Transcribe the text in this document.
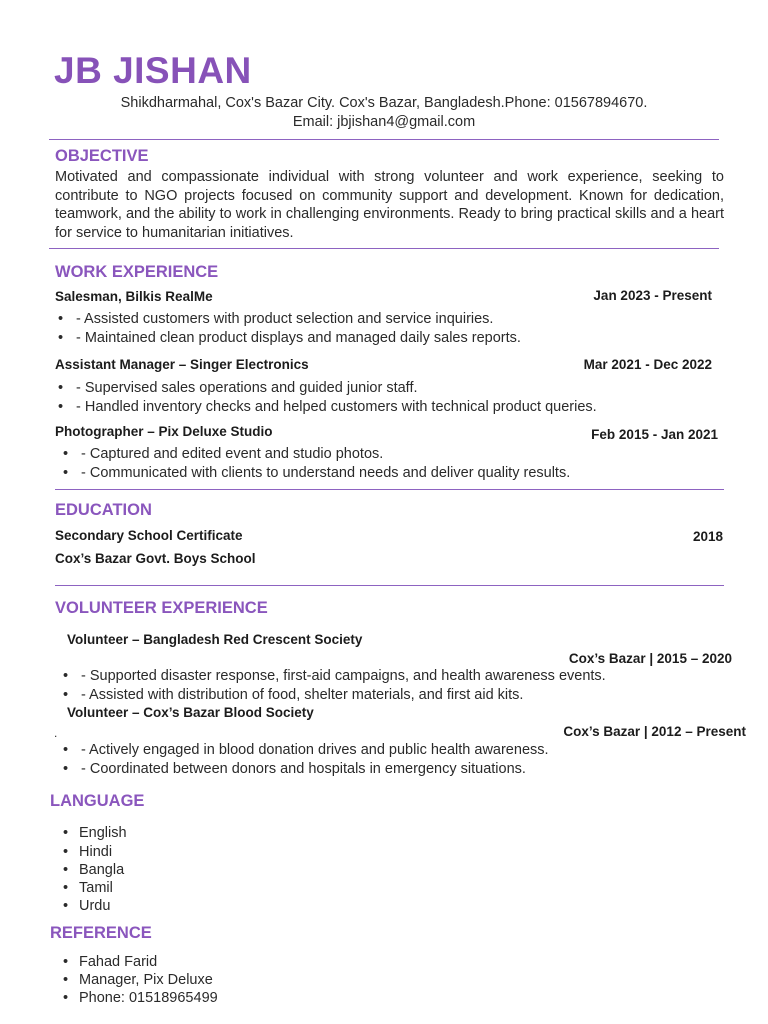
JB JISHAN
Shikdharmahal, Cox's Bazar City. Cox's Bazar, Bangladesh.Phone: 01567894670.
Email: jbjishan4@gmail.com
OBJECTIVE
Motivated and compassionate individual with strong volunteer and work experience, seeking to contribute to NGO projects focused on community support and development. Known for dedication, teamwork, and the ability to work in challenging environments. Ready to bring practical skills and a heart for service to humanitarian initiatives.
WORK EXPERIENCE
Salesman, Bilkis RealMe	Jan 2023 - Present
• - Assisted customers with product selection and service inquiries.
• - Maintained clean product displays and managed daily sales reports.
Assistant Manager – Singer Electronics	Mar 2021 - Dec 2022
• - Supervised sales operations and guided junior staff.
• - Handled inventory checks and helped customers with technical product queries.
Photographer – Pix Deluxe Studio	Feb 2015 - Jan 2021
• - Captured and edited event and studio photos.
• - Communicated with clients to understand needs and deliver quality results.
EDUCATION
Secondary School Certificate	2018
Cox’s Bazar Govt. Boys School
VOLUNTEER EXPERIENCE
Volunteer – Bangladesh Red Crescent Society
Cox’s Bazar | 2015 – 2020
• - Supported disaster response, first-aid campaigns, and health awareness events.
• - Assisted with distribution of food, shelter materials, and first aid kits.
Volunteer – Cox’s Bazar Blood Society
Cox’s Bazar | 2012 – Present
.
• - Actively engaged in blood donation drives and public health awareness.
• - Coordinated between donors and hospitals in emergency situations.
LANGUAGE
• English
• Hindi
• Bangla
• Tamil
• Urdu
REFERENCE
• Fahad Farid
• Manager, Pix Deluxe
• Phone: 01518965499
